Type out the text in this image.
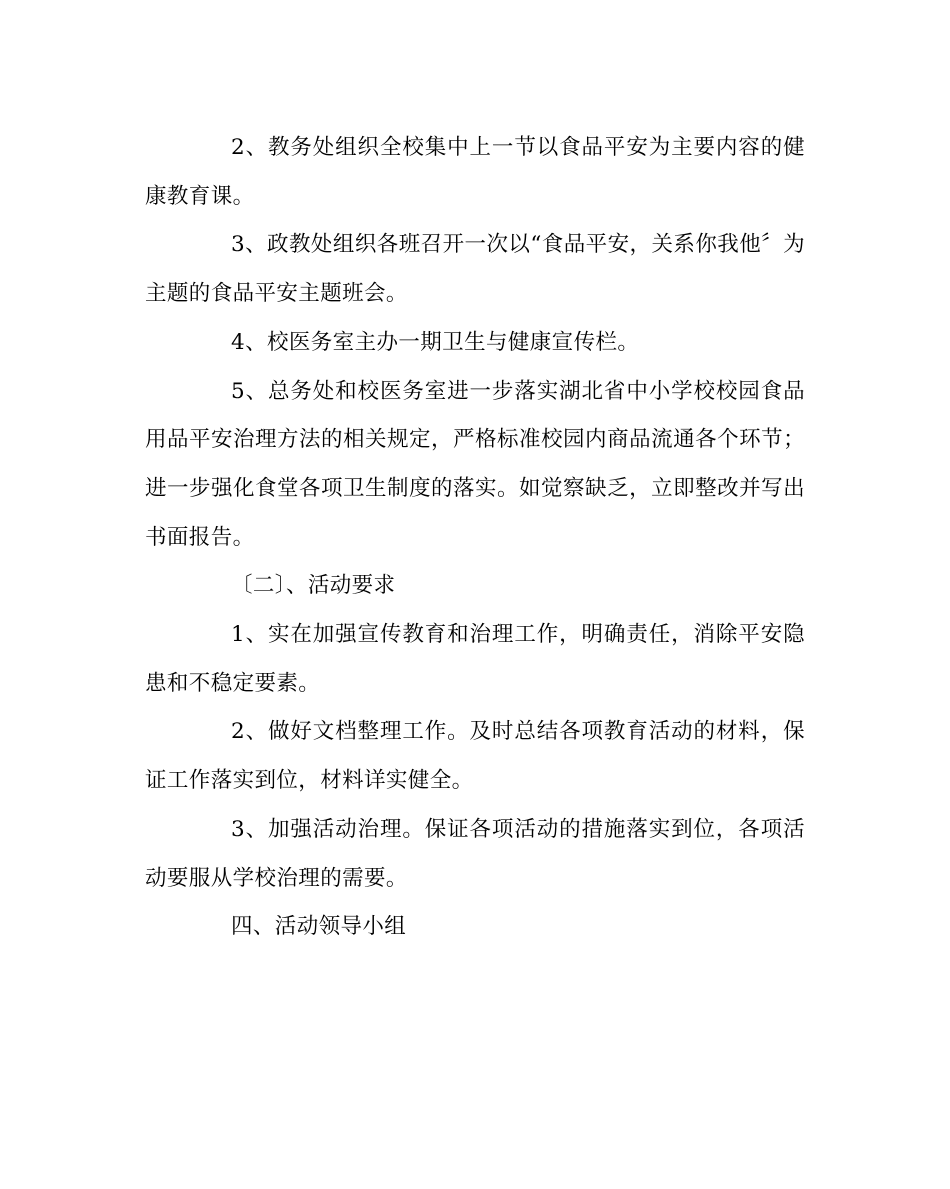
2、教务处组织全校集中上一节以食品平安为主要内容的健康教育课。

3、政教处组织各班召开一次以“食品平安，关系你我他〞为主题的食品平安主题班会。

4、校医务室主办一期卫生与健康宣传栏。

5、总务处和校医务室进一步落实湖北省中小学校校园食品用品平安治理方法的相关规定，严格标准校园内商品流通各个环节；进一步强化食堂各项卫生制度的落实。如觉察缺乏，立即整改并写出书面报告。

〔二〕、活动要求

1、实在加强宣传教育和治理工作，明确责任，消除平安隐患和不稳定要素。

2、做好文档整理工作。及时总结各项教育活动的材料，保证工作落实到位，材料详实健全。

3、加强活动治理。保证各项活动的措施落实到位，各项活动要服从学校治理的需要。

四、活动领导小组
